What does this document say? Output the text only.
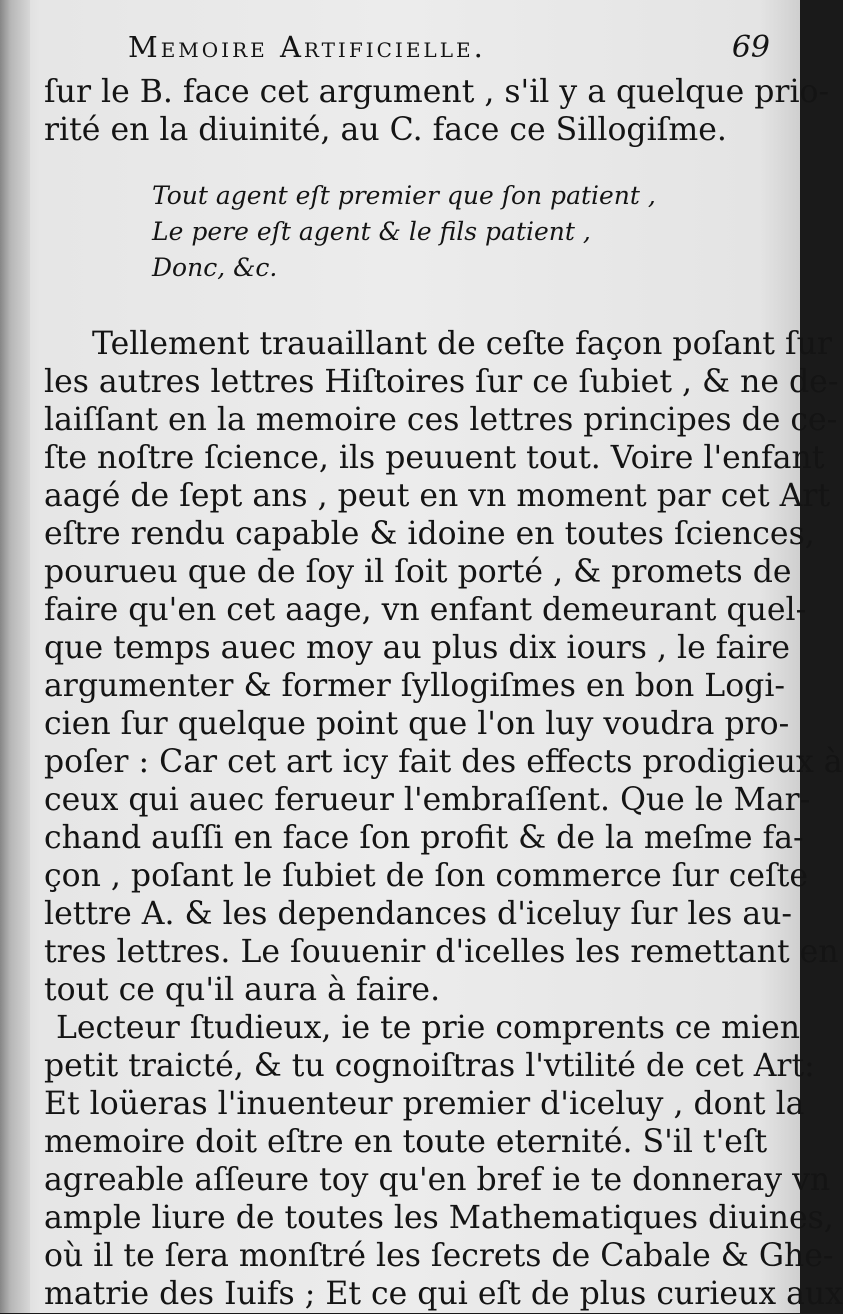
Memoire Artificielle.	69
ſur le B. face cet argument , s'il y a quelque prio-
rité en la diuinité, au C. face ce Sillogiſme.
Tout agent eſt premier que ſon patient ,
Le pere eſt agent & le fils patient ,
Donc, &c.
Tellement trauaillant de ceſte façon poſant ſur
les autres lettres Hiſtoires ſur ce ſubiet , & ne de-
laiſſant en la memoire ces lettres principes de ce-
ſte noſtre ſcience, ils peuuent tout. Voire l'enfant
aagé de ſept ans , peut en vn moment par cet Art
eſtre rendu capable & idoine en toutes ſciences,
pourueu que de ſoy il ſoit porté , & promets de
faire qu'en cet aage, vn enfant demeurant quel-
que temps auec moy au plus dix iours , le faire
argumenter & former ſyllogiſmes en bon Logi-
cien ſur quelque point que l'on luy voudra pro-
poſer : Car cet art icy fait des effects prodigieux à
ceux qui auec ferueur l'embraſſent. Que le Mar-
chand auſſi en face ſon profit & de la meſme fa-
çon , poſant le ſubiet de ſon commerce ſur ceſte
lettre A. & les dependances d'iceluy ſur les au-
tres lettres. Le ſouuenir d'icelles les remettant en
tout ce qu'il aura à faire.
Lecteur ſtudieux, ie te prie comprents ce mien
petit traicté, & tu cognoiſtras l'vtilité de cet Art:
Et loüeras l'inuenteur premier d'iceluy , dont la
memoire doit eſtre en toute eternité. S'il t'eſt
agreable aſſeure toy qu'en bref ie te donneray vn
ample liure de toutes les Mathematiques diuines,
où il te ſera monſtré les ſecrets de Cabale & Ghe-
matrie des Iuifs ; Et ce qui eſt de plus curieux aux
